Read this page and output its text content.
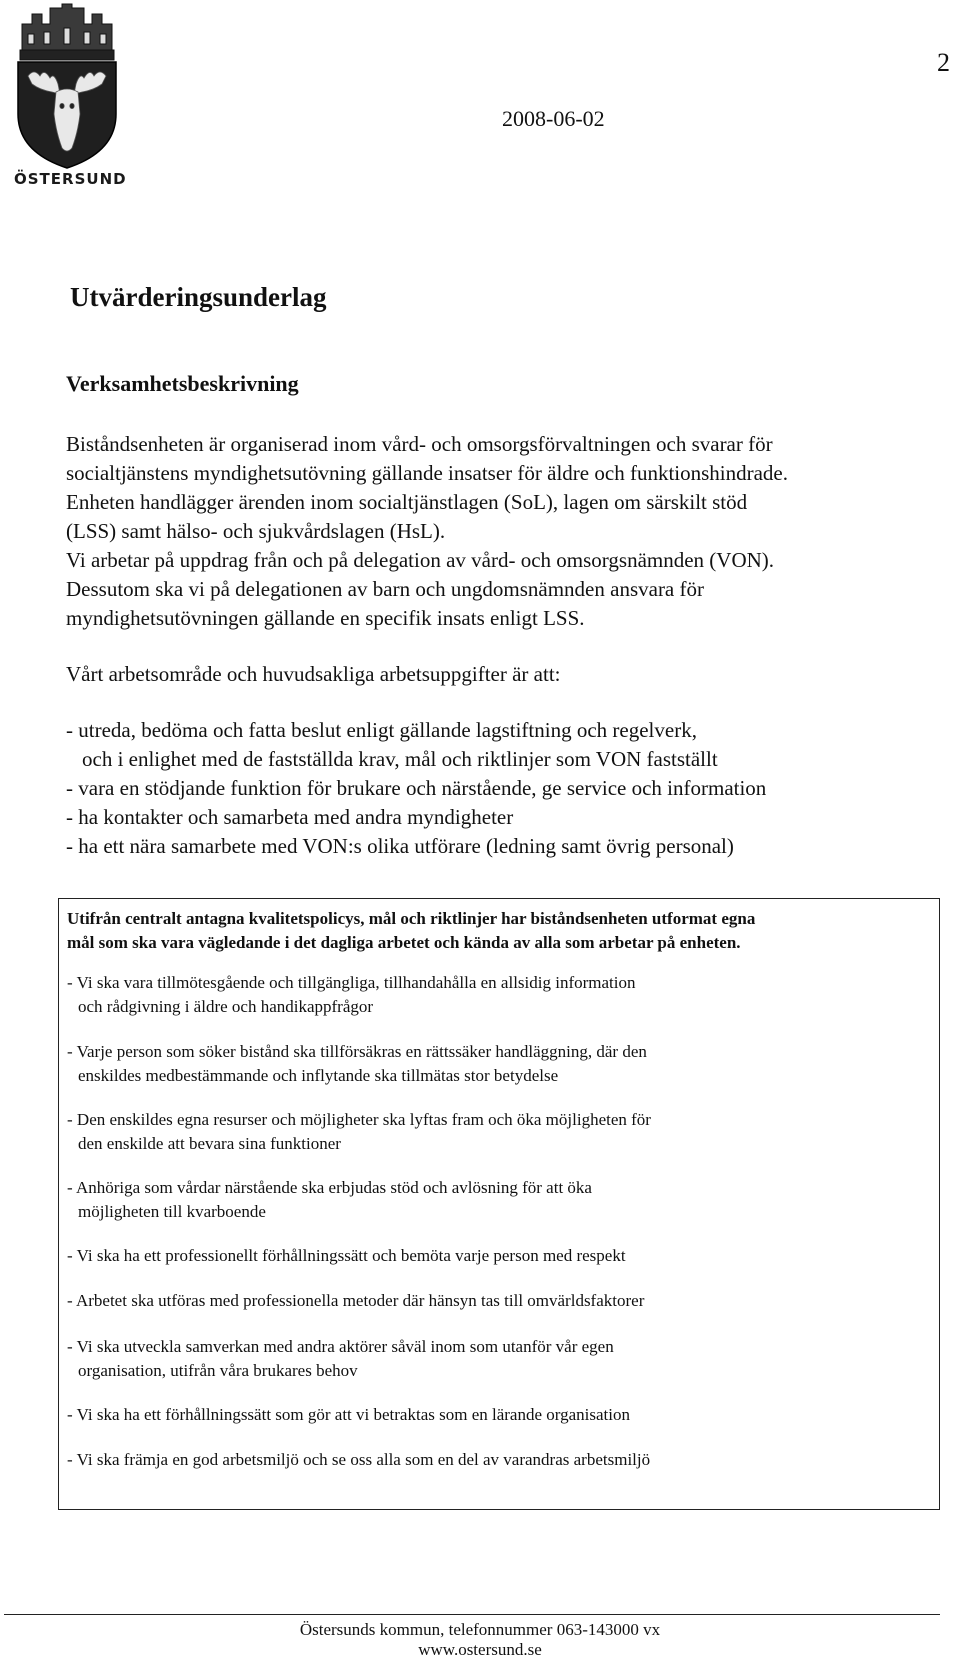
ÖSTERSUND
2
2008-06-02
Utvärderingsunderlag
Verksamhetsbeskrivning

Biståndsenheten är organiserad inom vård- och omsorgsförvaltningen och svarar för

socialtjänstens myndighetsutövning gällande insatser för äldre och funktionshindrade.

Enheten handlägger ärenden inom socialtjänstlagen (SoL), lagen om särskilt stöd

(LSS) samt hälso- och sjukvårdslagen (HsL).

Vi arbetar på uppdrag från och på delegation av vård- och omsorgsnämnden (VON).

Dessutom ska vi på delegationen av barn och ungdomsnämnden ansvara för

myndighetsutövningen gällande en specifik insats enligt LSS.

Vårt arbetsområde och huvudsakliga arbetsuppgifter är att:

- utreda, bedöma och fatta beslut enligt gällande lagstiftning och regelverk,
och i enlighet med de fastställda krav, mål och riktlinjer som VON fastställt

- vara en stödjande funktion för brukare och närstående, ge service och information

- ha kontakter och samarbeta med andra myndigheter

- ha ett nära samarbete med VON:s olika utförare (ledning samt övrig personal)

Utifrån centralt antagna kvalitetspolicys, mål och riktlinjer har biståndsenheten utformat egna
mål som ska vara vägledande i det dagliga arbetet och kända av alla som arbetar på enheten.

- Vi ska vara tillmötesgående och tillgängliga, tillhandahålla en allsidig information
och rådgivning i äldre och handikappfrågor

- Varje person som söker bistånd ska tillförsäkras en rättssäker handläggning, där den
enskildes medbestämmande och inflytande ska tillmätas stor betydelse

- Den enskildes egna resurser och möjligheter ska lyftas fram och öka möjligheten för
den enskilde att bevara sina funktioner

- Anhöriga som vårdar närstående ska erbjudas stöd och avlösning för att öka
möjligheten till kvarboende

- Vi ska ha ett professionellt förhållningssätt och bemöta varje person med respekt

- Arbetet ska utföras med professionella metoder där hänsyn tas till omvärldsfaktorer

- Vi ska utveckla samverkan med andra aktörer såväl inom som utanför vår egen
organisation, utifrån våra brukares behov

- Vi ska ha ett förhållningssätt som gör att vi betraktas som en lärande organisation

- Vi ska främja en god arbetsmiljö och se oss alla som en del av varandras arbetsmiljö

Östersunds kommun, telefonnummer 063-143000 vx
www.ostersund.se
